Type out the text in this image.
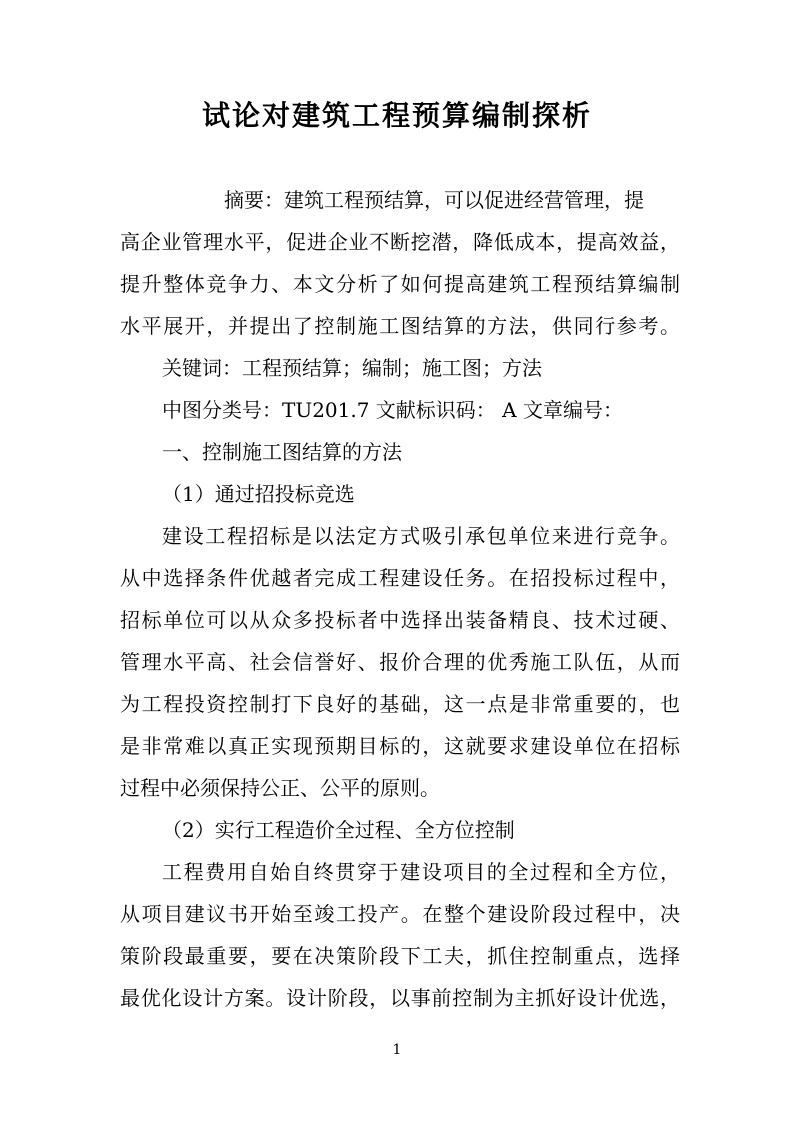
试论对建筑工程预算编制探析
摘要：建筑工程预结算，可以促进经营管理，提
高企业管理水平，促进企业不断挖潜，降低成本，提高效益，
提升整体竞争力、本文分析了如何提高建筑工程预结算编制
水平展开，并提出了控制施工图结算的方法，供同行参考。
关键词：工程预结算；编制；施工图；方法
中图分类号：TU201.7 文献标识码： A 文章编号：
一、控制施工图结算的方法
（1）通过招投标竞选
建设工程招标是以法定方式吸引承包单位来进行竞争。
从中选择条件优越者完成工程建设任务。在招投标过程中，
招标单位可以从众多投标者中选择出装备精良、技术过硬、
管理水平高、社会信誉好、报价合理的优秀施工队伍，从而
为工程投资控制打下良好的基础，这一点是非常重要的，也
是非常难以真正实现预期目标的，这就要求建设单位在招标
过程中必须保持公正、公平的原则。
（2）实行工程造价全过程、全方位控制
工程费用自始自终贯穿于建设项目的全过程和全方位，
从项目建议书开始至竣工投产。在整个建设阶段过程中，决
策阶段最重要，要在决策阶段下工夫，抓住控制重点，选择
最优化设计方案。设计阶段，以事前控制为主抓好设计优选，
1
